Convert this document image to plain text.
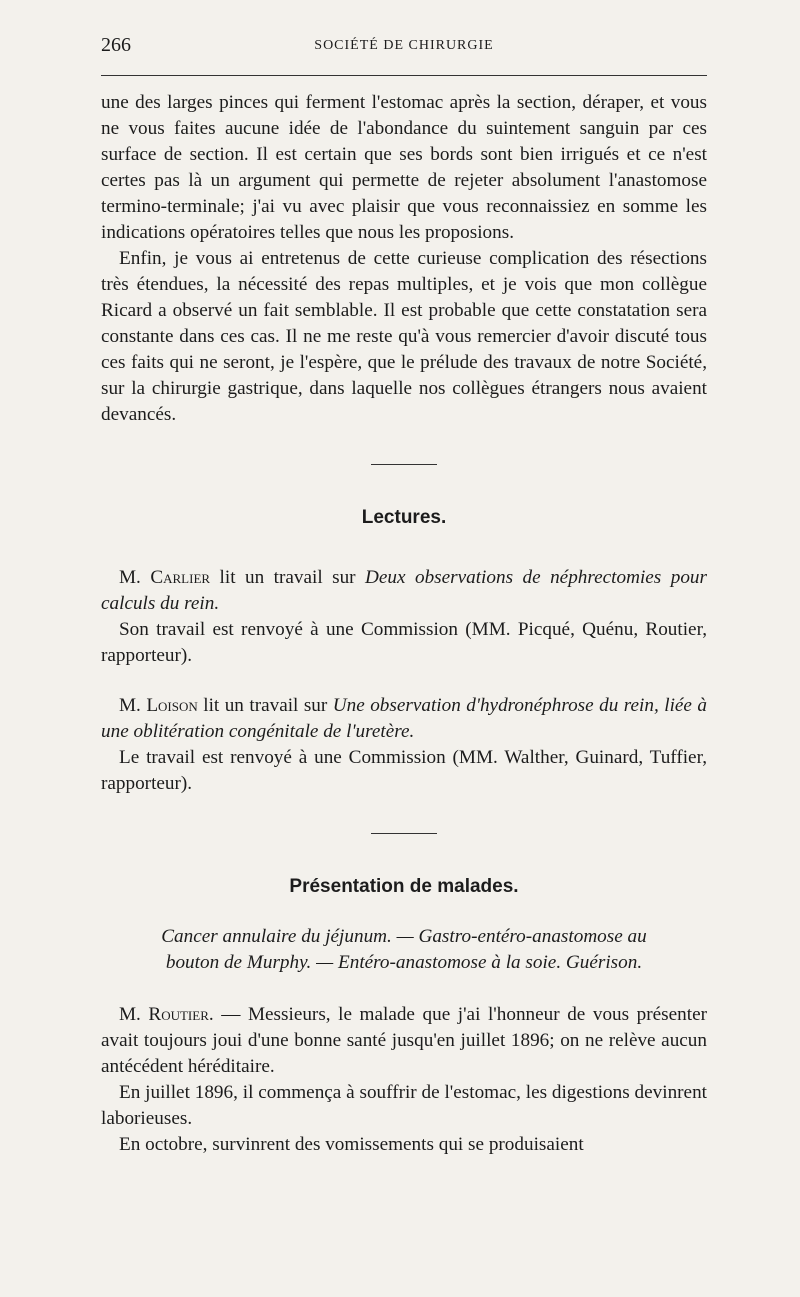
266	SOCIÉTÉ DE CHIRURGIE

une des larges pinces qui ferment l'estomac après la section, déraper, et vous ne vous faites aucune idée de l'abondance du suintement sanguin par ces surface de section. Il est certain que ses bords sont bien irrigués et ce n'est certes pas là un argument qui permette de rejeter absolument l'anastomose termino-terminale; j'ai vu avec plaisir que vous reconnaissiez en somme les indications opératoires telles que nous les proposions.

Enfin, je vous ai entretenus de cette curieuse complication des résections très étendues, la nécessité des repas multiples, et je vois que mon collègue Ricard a observé un fait semblable. Il est probable que cette constatation sera constante dans ces cas. Il ne me reste qu'à vous remercier d'avoir discuté tous ces faits qui ne seront, je l'espère, que le prélude des travaux de notre Société, sur la chirurgie gastrique, dans laquelle nos collègues étrangers nous avaient devancés.

Lectures.

M. Carlier lit un travail sur Deux observations de néphrectomies pour calculs du rein.

Son travail est renvoyé à une Commission (MM. Picqué, Quénu, Routier, rapporteur).

M. Loison lit un travail sur Une observation d'hydronéphrose du rein, liée à une oblitération congénitale de l'uretère.

Le travail est renvoyé à une Commission (MM. Walther, Guinard, Tuffier, rapporteur).

Présentation de malades.
Cancer annulaire du jéjunum. — Gastro-entéro-anastomose au
bouton de Murphy. — Entéro-anastomose à la soie. Guérison.

M. Routier. — Messieurs, le malade que j'ai l'honneur de vous présenter avait toujours joui d'une bonne santé jusqu'en juillet 1896; on ne relève aucun antécédent héréditaire.

En juillet 1896, il commença à souffrir de l'estomac, les digestions devinrent laborieuses.

En octobre, survinrent des vomissements qui se produisaient
